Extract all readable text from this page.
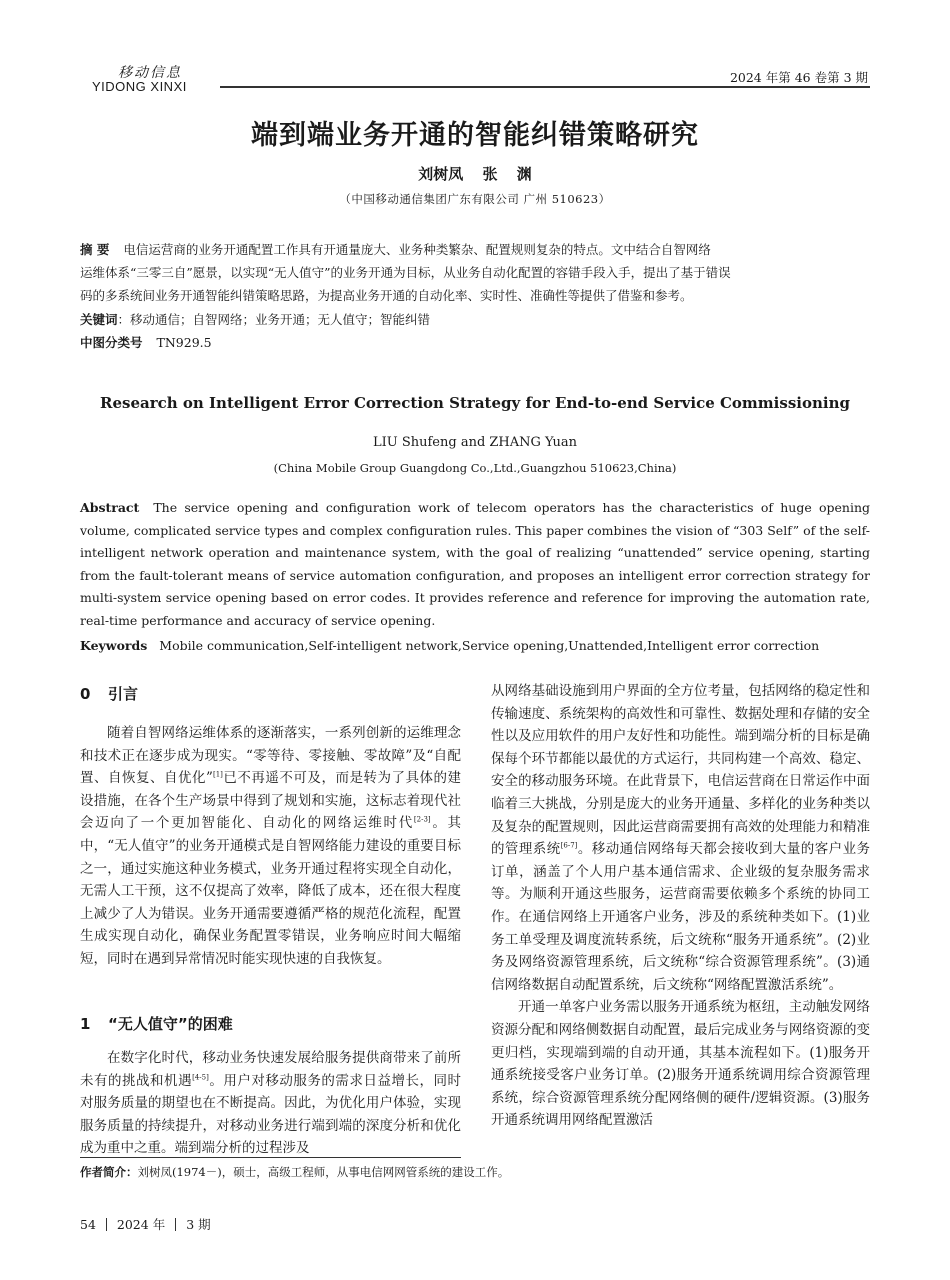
移动信息
YIDONG XINXI
2024 年第 46 卷第 3 期
端到端业务开通的智能纠错策略研究
刘树凤 张 渊
（中国移动通信集团广东有限公司 广州 510623）
摘 要 电信运营商的业务开通配置工作具有开通量庞大、业务种类繁杂、配置规则复杂的特点。文中结合自智网络
运维体系“三零三自”愿景，以实现“无人值守”的业务开通为目标，从业务自动化配置的容错手段入手，提出了基于错误
码的多系统间业务开通智能纠错策略思路，为提高业务开通的自动化率、实时性、准确性等提供了借鉴和参考。
关键词：移动通信；自智网络；业务开通；无人值守；智能纠错
中图分类号 TN929.5
Research on Intelligent Error Correction Strategy for End-to-end Service Commissioning
LIU Shufeng and ZHANG Yuan
(China Mobile Group Guangdong Co.,Ltd.,Guangzhou 510623,China)
Abstract The service opening and configuration work of telecom operators has the characteristics of huge opening volume, complicated service types and complex configuration rules. This paper combines the vision of “303 Self” of the self-intelligent network operation and maintenance system, with the goal of realizing “unattended” service opening, starting from the fault-tolerant means of service automation configuration, and proposes an intelligent error correction strategy for multi-system service opening based on error codes. It provides reference and reference for improving the automation rate, real-time performance and accuracy of service opening.
Keywords Mobile communication,Self-intelligent network,Service opening,Unattended,Intelligent error correction
0 引言

随着自智网络运维体系的逐渐落实，一系列创新的运维理念和技术正在逐步成为现实。“零等待、零接触、零故障”及“自配置、自恢复、自优化”[1]已不再遥不可及，而是转为了具体的建设措施，在各个生产场景中得到了规划和实施，这标志着现代社会迈向了一个更加智能化、自动化的网络运维时代[2-3]。其中，“无人值守”的业务开通模式是自智网络能力建设的重要目标之一，通过实施这种业务模式，业务开通过程将实现全自动化，无需人工干预，这不仅提高了效率，降低了成本，还在很大程度上减少了人为错误。业务开通需要遵循严格的规范化流程，配置生成实现自动化，确保业务配置零错误，业务响应时间大幅缩短，同时在遇到异常情况时能实现快速的自我恢复。

1 “无人值守”的困难

在数字化时代，移动业务快速发展给服务提供商带来了前所未有的挑战和机遇[4-5]。用户对移动服务的需求日益增长，同时对服务质量的期望也在不断提高。因此，为优化用户体验，实现服务质量的持续提升，对移动业务进行端到端的深度分析和优化成为重中之重。端到端分析的过程涉及

从网络基础设施到用户界面的全方位考量，包括网络的稳定性和传输速度、系统架构的高效性和可靠性、数据处理和存储的安全性以及应用软件的用户友好性和功能性。端到端分析的目标是确保每个环节都能以最优的方式运行，共同构建一个高效、稳定、安全的移动服务环境。在此背景下，电信运营商在日常运作中面临着三大挑战，分别是庞大的业务开通量、多样化的业务种类以及复杂的配置规则，因此运营商需要拥有高效的处理能力和精准的管理系统[6-7]。移动通信网络每天都会接收到大量的客户业务订单，涵盖了个人用户基本通信需求、企业级的复杂服务需求等。为顺利开通这些服务，运营商需要依赖多个系统的协同工作。在通信网络上开通客户业务，涉及的系统种类如下。(1)业务工单受理及调度流转系统，后文统称“服务开通系统”。(2)业务及网络资源管理系统，后文统称“综合资源管理系统”。(3)通信网络数据自动配置系统，后文统称“网络配置激活系统”。

开通一单客户业务需以服务开通系统为枢纽，主动触发网络资源分配和网络侧数据自动配置，最后完成业务与网络资源的变更归档，实现端到端的自动开通，其基本流程如下。(1)服务开通系统接受客户业务订单。(2)服务开通系统调用综合资源管理系统，综合资源管理系统分配网络侧的硬件/逻辑资源。(3)服务开通系统调用网络配置激活

作者简介：刘树凤(1974－)，硕士，高级工程师，从事电信网网管系统的建设工作。
54 2024 年 3 期
